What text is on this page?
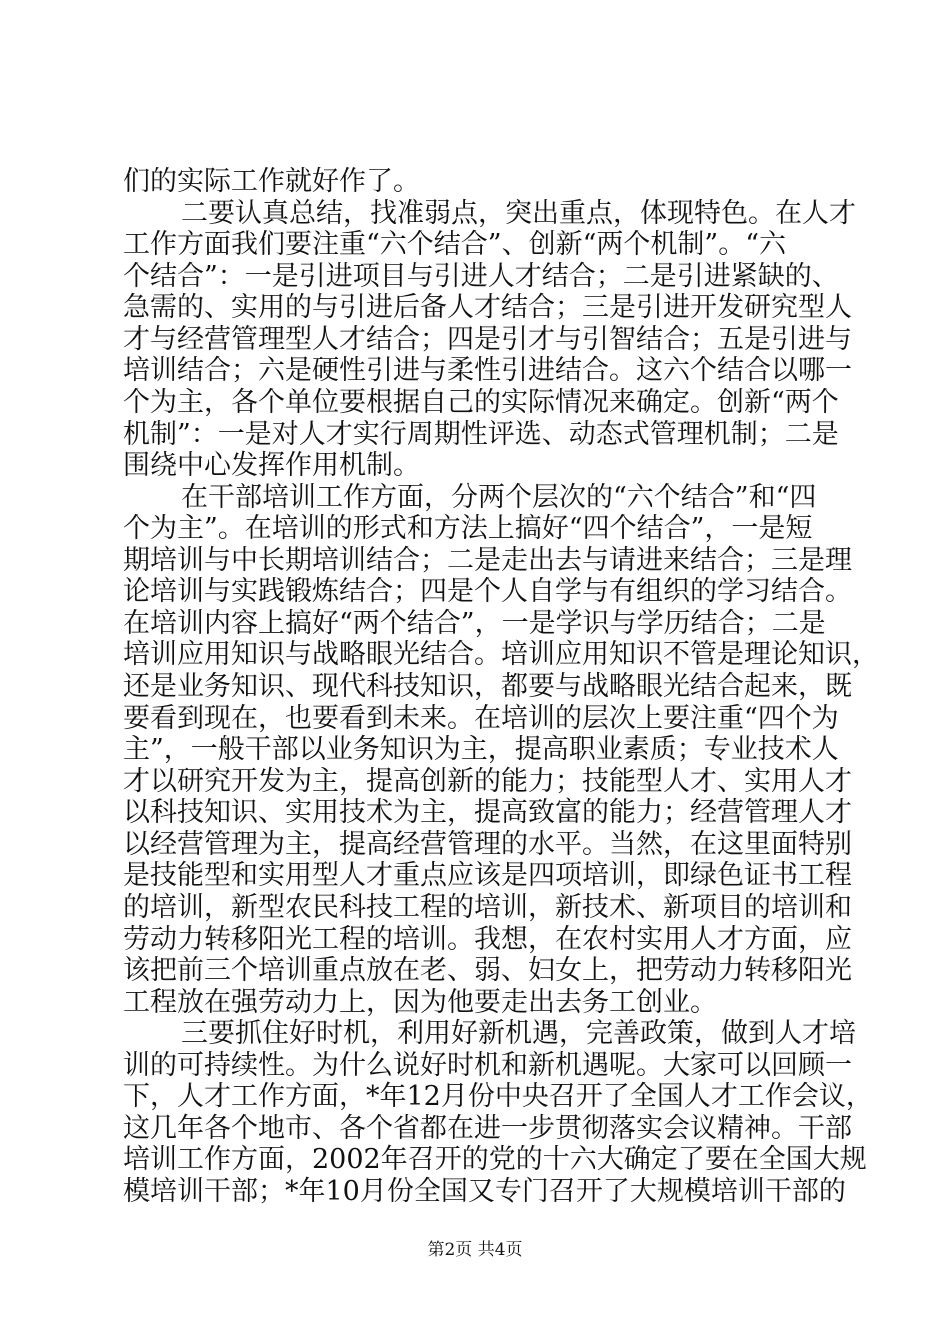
们的实际工作就好作了。
二要认真总结，找准弱点，突出重点，体现特色。在人才
工作方面我们要注重“六个结合”、创新“两个机制”。“六
个结合”：一是引进项目与引进人才结合；二是引进紧缺的、
急需的、实用的与引进后备人才结合；三是引进开发研究型人
才与经营管理型人才结合；四是引才与引智结合；五是引进与
培训结合；六是硬性引进与柔性引进结合。这六个结合以哪一
个为主，各个单位要根据自己的实际情况来确定。创新“两个
机制”：一是对人才实行周期性评选、动态式管理机制；二是
围绕中心发挥作用机制。
在干部培训工作方面，分两个层次的“六个结合”和“四
个为主”。在培训的形式和方法上搞好“四个结合”，一是短
期培训与中长期培训结合；二是走出去与请进来结合；三是理
论培训与实践锻炼结合；四是个人自学与有组织的学习结合。
在培训内容上搞好“两个结合”，一是学识与学历结合；二是
培训应用知识与战略眼光结合。培训应用知识不管是理论知识，
还是业务知识、现代科技知识，都要与战略眼光结合起来，既
要看到现在，也要看到未来。在培训的层次上要注重“四个为
主”，一般干部以业务知识为主，提高职业素质；专业技术人
才以研究开发为主，提高创新的能力；技能型人才、实用人才
以科技知识、实用技术为主，提高致富的能力；经营管理人才
以经营管理为主，提高经营管理的水平。当然，在这里面特别
是技能型和实用型人才重点应该是四项培训，即绿色证书工程
的培训，新型农民科技工程的培训，新技术、新项目的培训和
劳动力转移阳光工程的培训。我想，在农村实用人才方面，应
该把前三个培训重点放在老、弱、妇女上，把劳动力转移阳光
工程放在强劳动力上，因为他要走出去务工创业。
三要抓住好时机，利用好新机遇，完善政策，做到人才培
训的可持续性。为什么说好时机和新机遇呢。大家可以回顾一
下，人才工作方面，*年12月份中央召开了全国人才工作会议，
这几年各个地市、各个省都在进一步贯彻落实会议精神。干部
培训工作方面，2002年召开的党的十六大确定了要在全国大规
模培训干部；*年10月份全国又专门召开了大规模培训干部的
第2页 共4页
